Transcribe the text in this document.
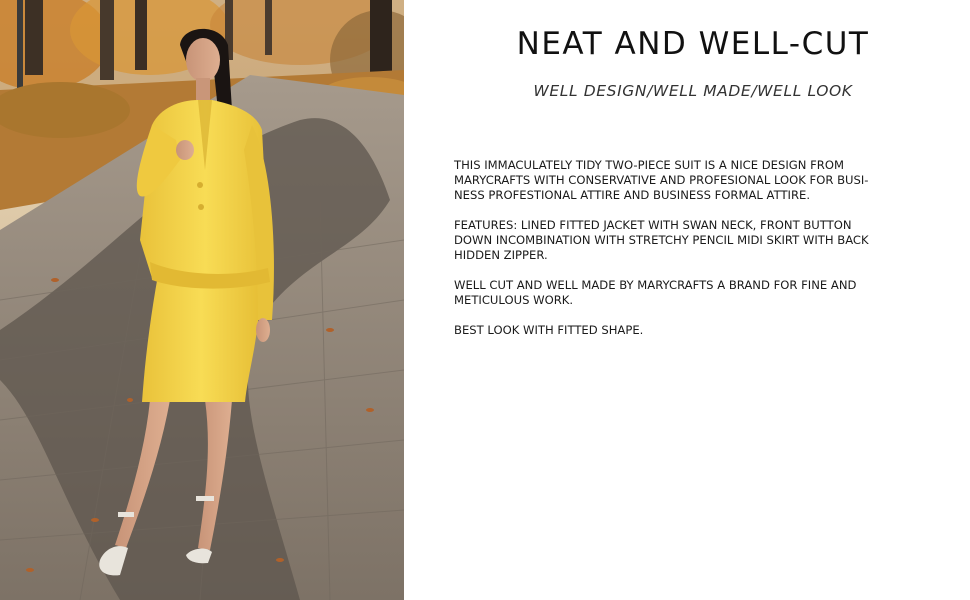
NEAT AND WELL-CUT
WELL DESIGN/WELL MADE/WELL LOOK

THIS IMMACULATELY TIDY TWO-PIECE SUIT IS A NICE DESIGN FROM
MARYCRAFTS WITH CONSERVATIVE AND PROFESIONAL LOOK FOR BUSI-
NESS PROFESTIONAL ATTIRE AND BUSINESS FORMAL ATTIRE.

FEATURES: LINED FITTED JACKET WITH SWAN NECK, FRONT BUTTON
DOWN INCOMBINATION WITH STRETCHY PENCIL MIDI SKIRT WITH BACK
HIDDEN ZIPPER.

WELL CUT AND WELL MADE BY MARYCRAFTS A BRAND FOR FINE AND
METICULOUS WORK.

BEST LOOK WITH FITTED SHAPE.
